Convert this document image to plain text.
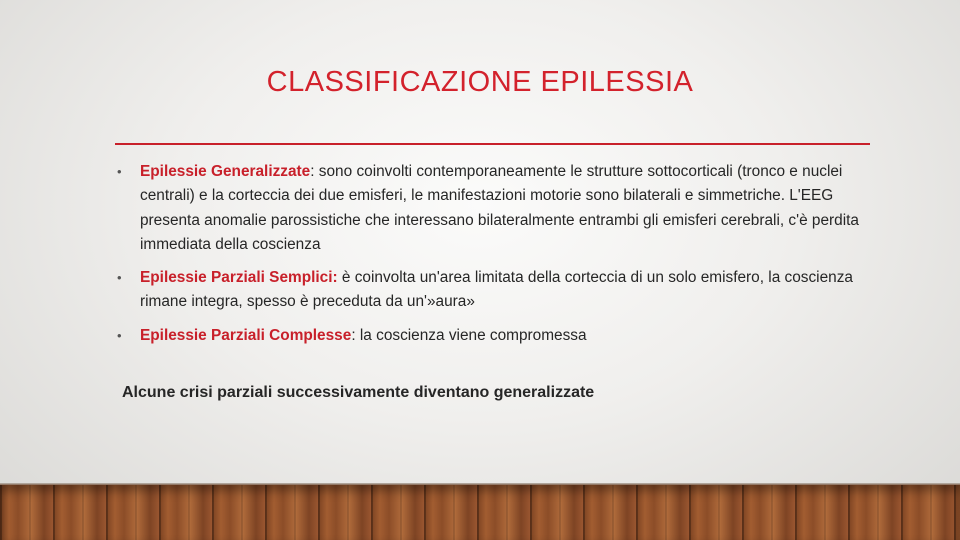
CLASSIFICAZIONE EPILESSIA
• Epilessie Generalizzate: sono coinvolti contemporaneamente le strutture sottocorticali (tronco e nuclei centrali) e la corteccia dei due emisferi, le manifestazioni motorie sono bilaterali e simmetriche. L'EEG presenta anomalie parossistiche che interessano bilateralmente entrambi gli emisferi cerebrali, c'è perdita immediata della coscienza
• Epilessie Parziali Semplici: è coinvolta un'area limitata della corteccia di un solo emisfero, la coscienza rimane integra, spesso è preceduta da un'»aura»
• Epilessie Parziali Complesse: la coscienza viene compromessa

Alcune crisi parziali successivamente diventano generalizzate
